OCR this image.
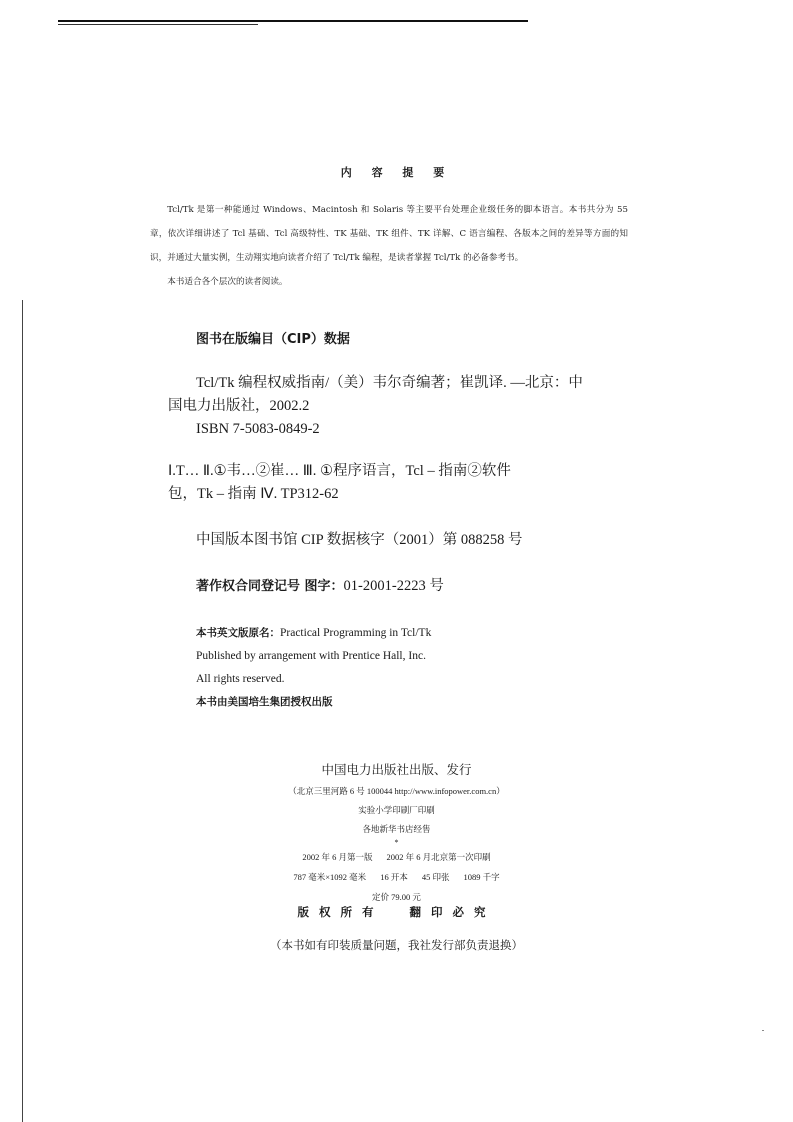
内 容 提 要

Tcl/Tk 是第一种能通过 Windows、Macintosh 和 Solaris 等主要平台处理企业级任务的脚本语言。本书共分为 55 章，依次详细讲述了 Tcl 基础、Tcl 高级特性、TK 基础、TK 组件、TK 详解、C 语言编程、各版本之间的差异等方面的知识，并通过大量实例，生动翔实地向读者介绍了 Tcl/Tk 编程，是读者掌握 Tcl/Tk 的必备参考书。

本书适合各个层次的读者阅读。

图书在版编目（CIP）数据

Tcl/Tk 编程权威指南/（美）韦尔奇编著；崔凯译. —北京：中

国电力出版社，2002.2

ISBN 7-5083-0849-2

Ⅰ.T… Ⅱ.①韦…②崔… Ⅲ. ①程序语言，Tcl – 指南②软件

包，Tk – 指南 Ⅳ. TP312-62

中国版本图书馆 CIP 数据核字（2001）第 088258 号
著作权合同登记号 图字：01-2001-2223 号

本书英文版原名：Practical Programming in Tcl/Tk

Published by arrangement with Prentice Hall, Inc.

All rights reserved.

本书由美国培生集团授权出版

中国电力出版社出版、发行

（北京三里河路 6 号 100044 http://www.infopower.com.cn）

实验小学印刷厂印刷

各地新华书店经售

*

2002 年 6 月第一版 2002 年 6 月北京第一次印刷

787 毫米×1092 毫米 16 开本 45 印张 1089 千字

定价 79.00 元

版权所有 翻印必究
（本书如有印装质量问题，我社发行部负责退换）
